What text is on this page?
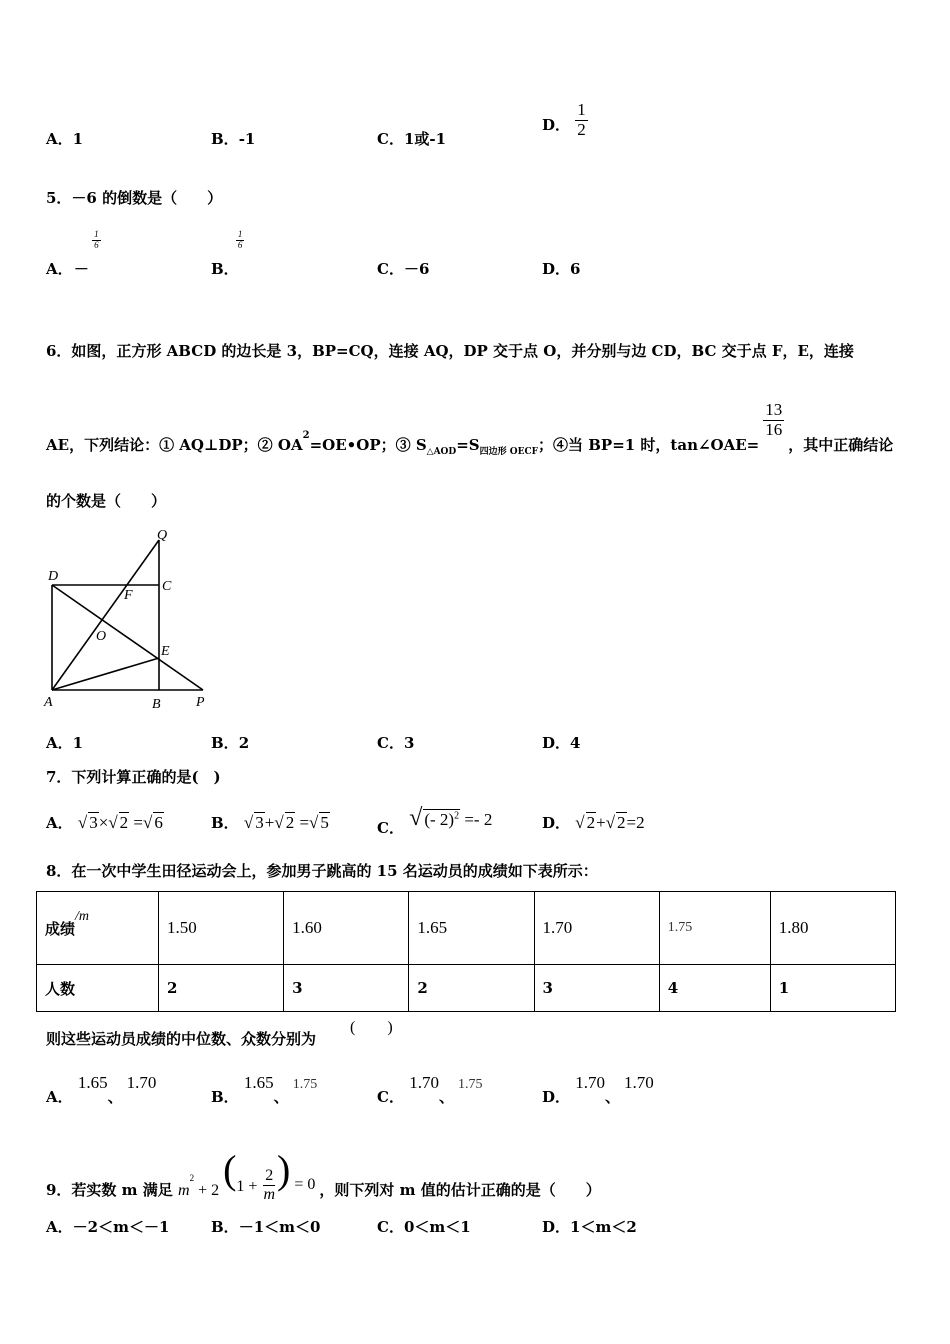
A．1	B．-1	C．1或-1
D． $\frac{1}{2}$
5．－6 的倒数是（　　）
A． －
$\frac{1}{6}$
B．
$\frac{1}{6}$
C．－6	D．6
6．如图，正方形 ABCD 的边长是 3，BP=CQ，连接 AQ，DP 交于点 O，并分别与边 CD，BC 交于点 F，E，连接
AE，下列结论：① AQ⊥DP；② $OA^2=OE•OP$；③ $S_{\triangle AOD}=S_{四边形 OECF}$；④当 BP=1 时，tan∠OAE=
$\frac{13}{16}$
，其中正确结论
的个数是（　　）
Q
D
C
F
O
E
A	B	P
A．1	B．2	C．3	D．4
7．下列计算正确的是(　)
A． √ 3×√ 2 =√ 6	B． √ 3+√ 2 =√ 5	C． √ (- 2)$^2$ =- 2	D． √ 2+√ 2=2
8．在一次中学生田径运动会上，参加男子跳高的 15 名运动员的成绩如下表所示：
成绩/m	1.50	1.60	1.65	1.70	1.75	1.80
人数	2	3	2	3	4	1
则这些运动员成绩的中位数、众数分别为
(　　)
A． 1.65、1.70
B． 1.65、1.75
C． 1.70、1.75
D． 1.70、1.70
9．若实数 m 满足 $m^2 + 2$ ($1 + \frac{2}{m}$ ) = 0 ，则下列对 m 值的估计正确的是（　　）
A．－2＜m＜－1	B．－1＜m＜0	C．0＜m＜1	D．1＜m＜2
